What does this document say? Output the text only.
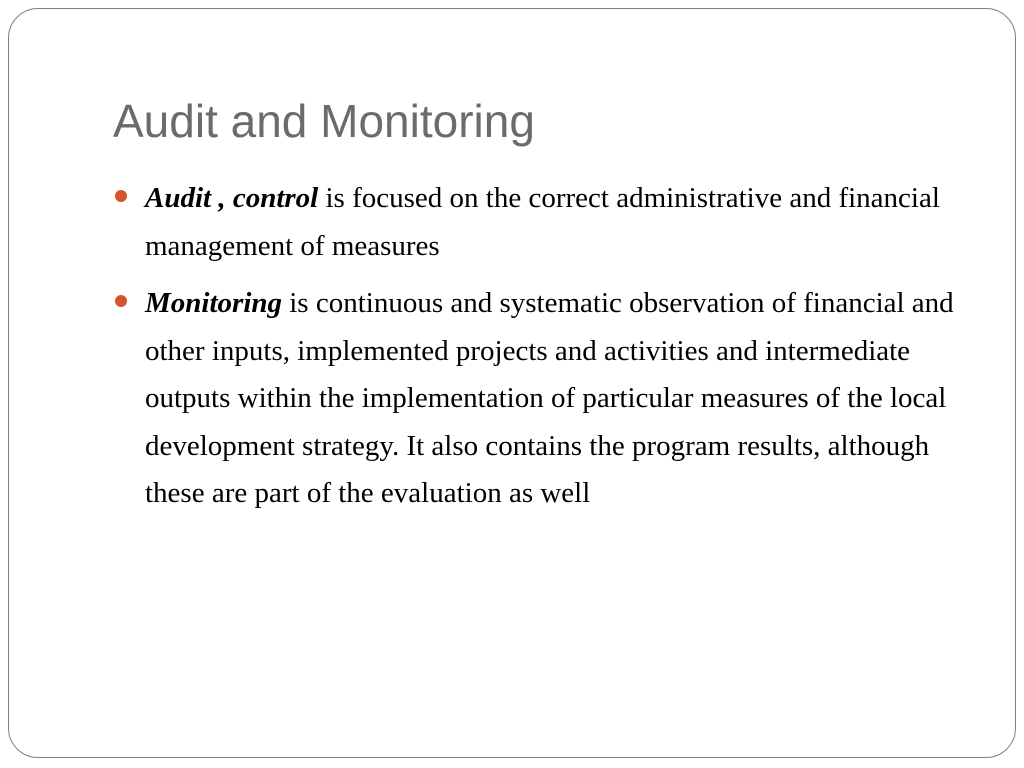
Audit and Monitoring
Audit , control is focused on the correct administrative and financial management of measures
Monitoring is continuous and systematic observation of financial and other inputs, implemented projects and activities and intermediate outputs within the implementation of particular measures of the local development strategy. It also contains the program results, although these are part of the evaluation as well
